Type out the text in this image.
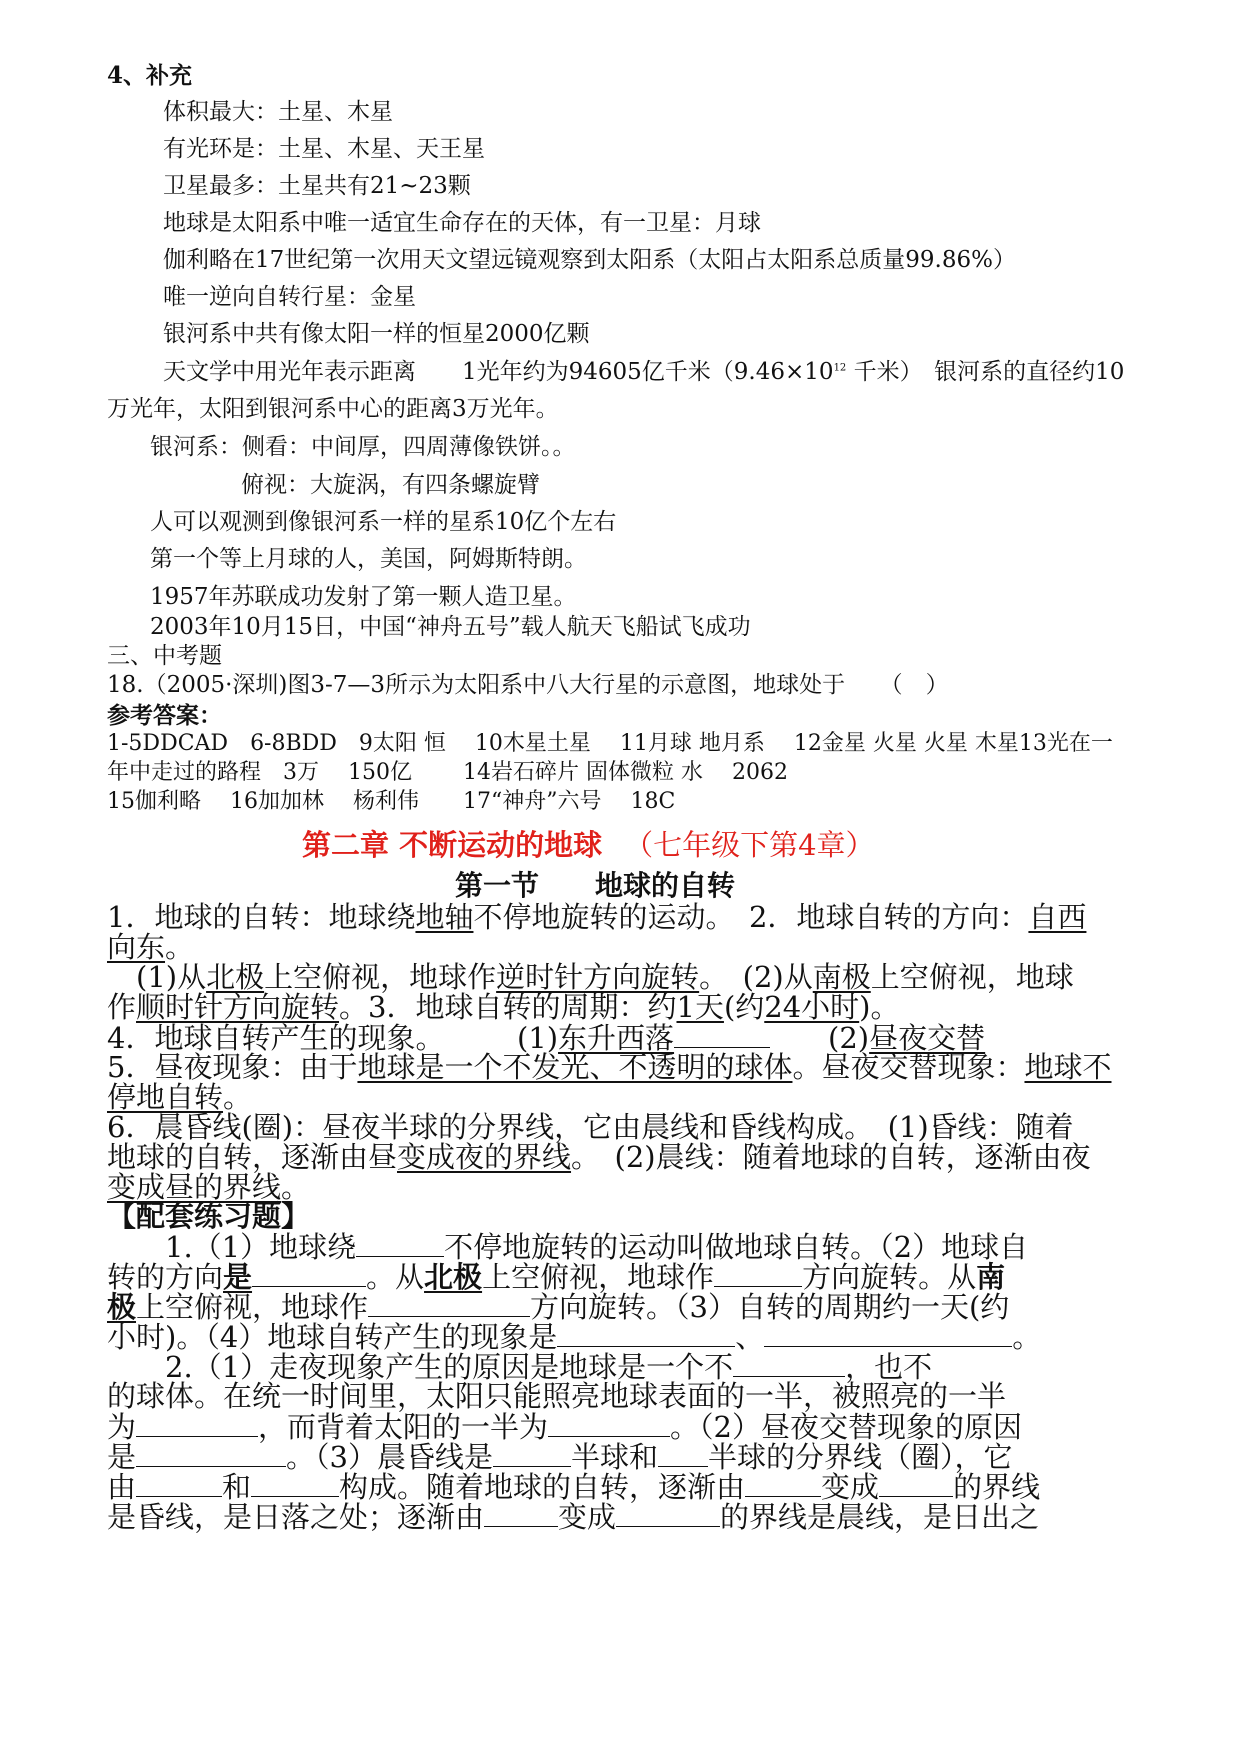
4、补充
体积最大：土星、木星
有光环是：土星、木星、天王星
卫星最多：土星共有21~23颗
地球是太阳系中唯一适宜生命存在的天体，有一卫星：月球
伽利略在17世纪第一次用天文望远镜观察到太阳系（太阳占太阳系总质量99.86%）
唯一逆向自转行星：金星
银河系中共有像太阳一样的恒星2000亿颗
天文学中用光年表示距离　　1光年约为94605亿千米（$9.46\times 10^{12}$ 千米）　银河系的直径约10
万光年，太阳到银河系中心的距离3万光年。
银河系：侧看：中间厚，四周薄像铁饼。。
俯视：大旋涡，有四条螺旋臂
人可以观测到像银河系一样的星系10亿个左右
第一个等上月球的人，美国，阿姆斯特朗。
1957年苏联成功发射了第一颗人造卫星。
2003年10月15日，中国“神舟五号”载人航天飞船试飞成功
三、中考题
18.（2005·深圳)图3-7—3所示为太阳系中八大行星的示意图，地球处于　　（　）
参考答案：
1-5DDCAD　6-8BDD　9太阳 恒　 10木星土星　 11月球 地月系　 12金星 火星 火星 木星13光在一
年中走过的路程　3万　 150亿　　 14岩石碎片 固体微粒 水　 2062
15伽利略　 16加加林　 杨利伟　　17“神舟”六号　 18C
第二章 不断运动的地球 （七年级下第4章）
第一节　　地球的自转
1．地球的自转：地球绕地轴不停地旋转的运动。　2．地球自转的方向：自西
向东。
(1)从北极上空俯视，地球作逆时针方向旋转。　(2)从南极上空俯视，地球
作顺时针方向旋转。3．地球自转的周期：约1天(约24小时)。
4．地球自转产生的现象。　　　(1)东升西落	　　(2)昼夜交替
5．昼夜现象：由于地球是一个不发光、不透明的球体。昼夜交替现象：地球不
停地自转。
6．晨昏线(圈)：昼夜半球的分界线，它由晨线和昏线构成。　(1)昏线：随着
地球的自转，逐渐由昼变成夜的界线。　(2)晨线：随着地球的自转，逐渐由夜
变成昼的界线。
【配套练习题】
1.（1）地球绕	不停地旋转的运动叫做地球自转。（2）地球自
转的方向是	。从北极上空俯视，地球作	方向旋转。从南
极上空俯视，地球作	方向旋转。（3）自转的周期约一天(约
小时)。（4）地球自转产生的现象是	、	。
2.（1）走夜现象产生的原因是地球是一个不	，也不
的球体。在统一时间里，太阳只能照亮地球表面的一半，被照亮的一半
为	，而背着太阳的一半为	。（2）昼夜交替现象的原因
是	。（3）晨昏线是	半球和 半球的分界线（圈），它
由	和	构成。随着地球的自转，逐渐由	变成	的界线
是昏线，是日落之处；逐渐由	变成	的界线是晨线，是日出之
